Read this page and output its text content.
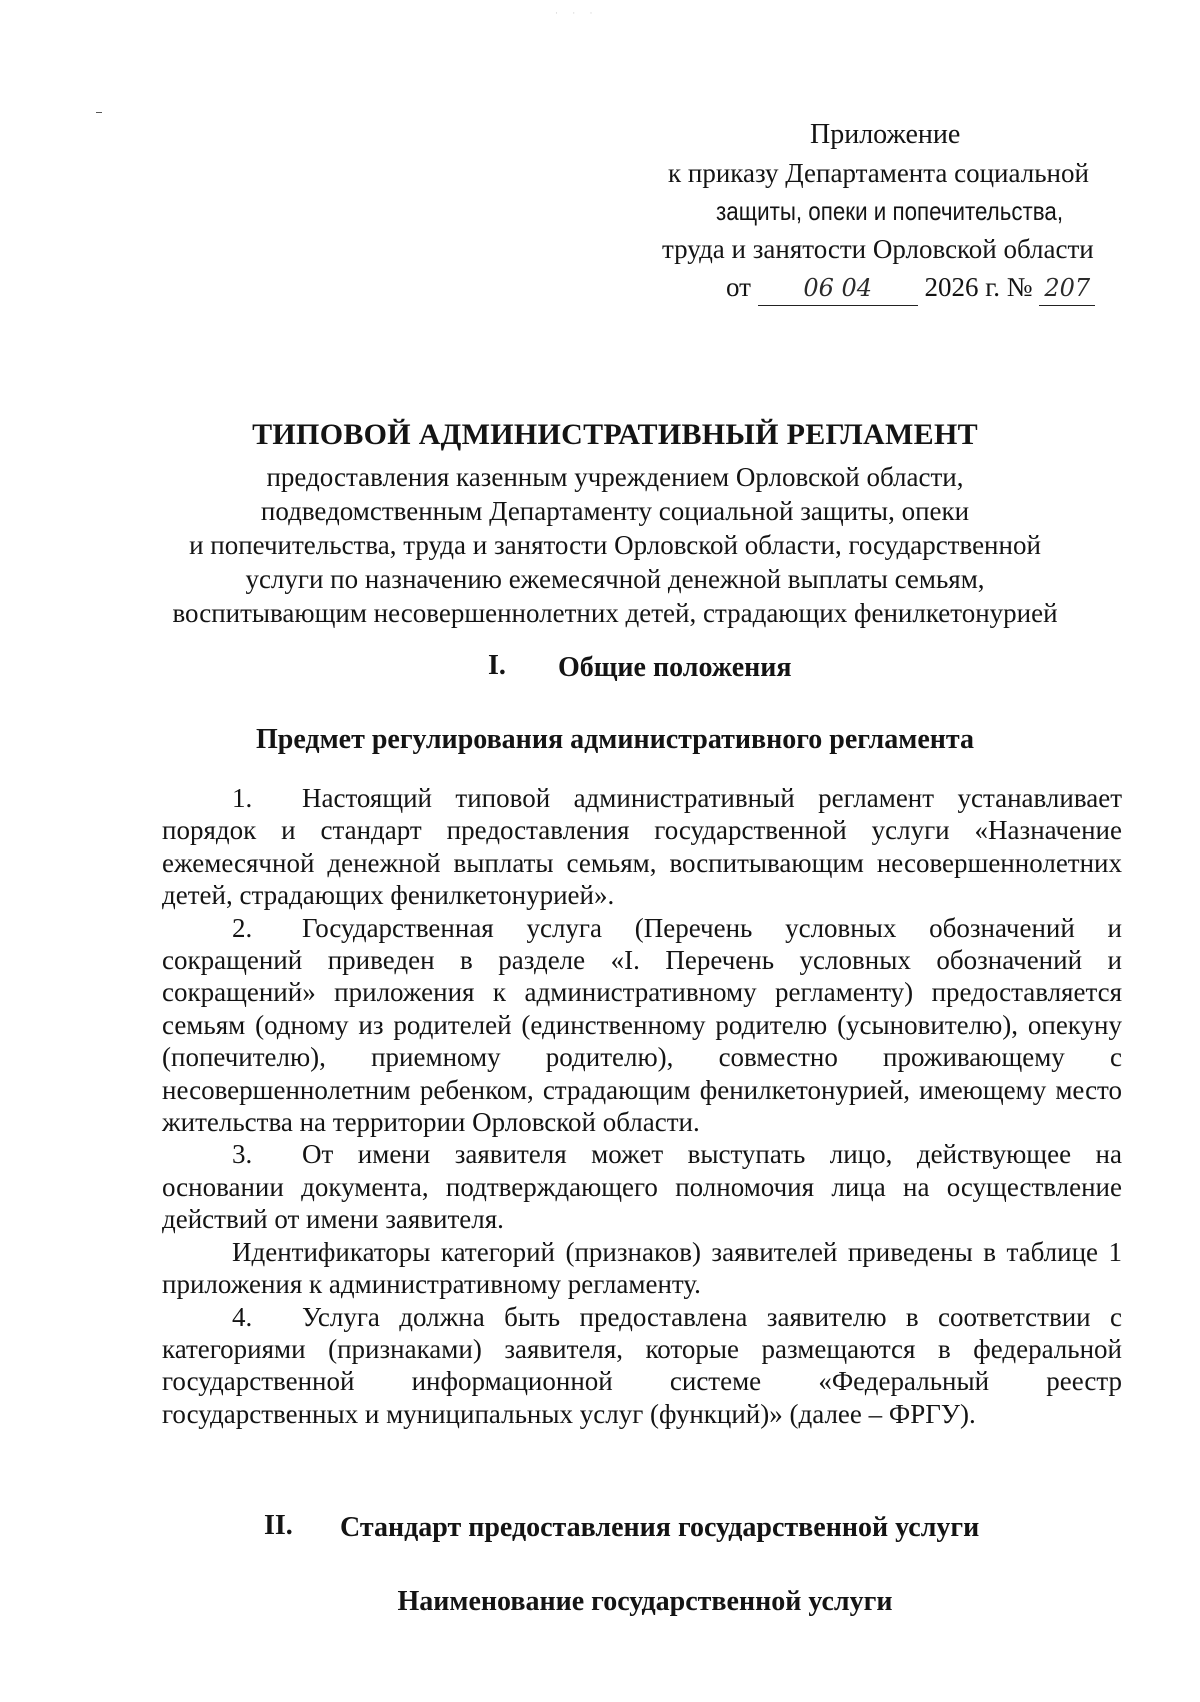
· · ·
Приложение
к приказу Департамента социальной
защиты, опеки и попечительства,
труда и занятости Орловской области
от 06 04 2026 г. № 207
ТИПОВОЙ АДМИНИСТРАТИВНЫЙ РЕГЛАМЕНТ
предоставления казенным учреждением Орловской области,
подведомственным Департаменту социальной защиты, опеки
и попечительства, труда и занятости Орловской области, государственной
услуги по назначению ежемесячной денежной выплаты семьям,
воспитывающим несовершеннолетних детей, страдающих фенилкетонурией
I. Общие положения
Предмет регулирования административного регламента

1. Настоящий типовой административный регламент устанавливает порядок и стандарт предоставления государственной услуги «Назначение ежемесячной денежной выплаты семьям, воспитывающим несовершеннолетних детей, страдающих фенилкетонурией».

2. Государственная услуга (Перечень условных обозначений и сокращений приведен в разделе «I. Перечень условных обозначений и сокращений» приложения к административному регламенту) предоставляется семьям (одному из родителей (единственному родителю (усыновителю), опекуну (попечителю), приемному родителю), совместно проживающему с несовершеннолетним ребенком, страдающим фенилкетонурией, имеющему место жительства на территории Орловской области.

3. От имени заявителя может выступать лицо, действующее на основании документа, подтверждающего полномочия лица на осуществление действий от имени заявителя.

Идентификаторы категорий (признаков) заявителей приведены в таблице 1 приложения к административному регламенту.

4. Услуга должна быть предоставлена заявителю в соответствии с категориями (признаками) заявителя, которые размещаются в федеральной государственной информационной системе «Федеральный реестр государственных и муниципальных услуг (функций)» (далее – ФРГУ).

II. Стандарт предоставления государственной услуги
Наименование государственной услуги
